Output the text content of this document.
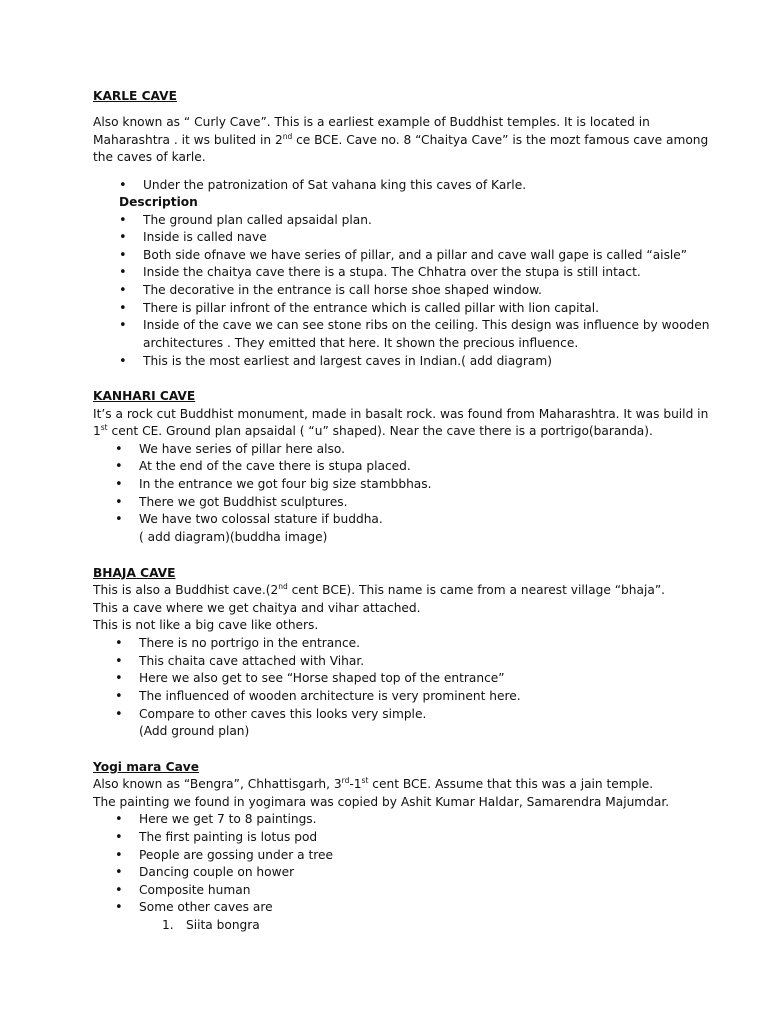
KARLE CAVE
Also known as “ Curly Cave”. This is a earliest example of Buddhist temples. It is located in
Maharashtra . it ws bulited in 2nd ce BCE. Cave no. 8 “Chaitya Cave” is the mozt famous cave among
the caves of karle.
• Under the patronization of Sat vahana king this caves of Karle.
Description
• The ground plan called apsaidal plan.
• Inside is called nave
• Both side ofnave we have series of pillar, and a pillar and cave wall gape is called “aisle”
• Inside the chaitya cave there is a stupa. The Chhatra over the stupa is still intact.
• The decorative in the entrance is call horse shoe shaped window.
• There is pillar infront of the entrance which is called pillar with lion capital.
• Inside of the cave we can see stone ribs on the ceiling. This design was influence by wooden
architectures . They emitted that here. It shown the precious influence.
• This is the most earliest and largest caves in Indian.( add diagram)
KANHARI CAVE
It’s a rock cut Buddhist monument, made in basalt rock. was found from Maharashtra. It was build in
1st cent CE. Ground plan apsaidal ( “u” shaped). Near the cave there is a portrigo(baranda).
• We have series of pillar here also.
• At the end of the cave there is stupa placed.
• In the entrance we got four big size stambbhas.
• There we got Buddhist sculptures.
• We have two colossal stature if buddha.
( add diagram)(buddha image)
BHAJA CAVE
This is also a Buddhist cave.(2nd cent BCE). This name is came from a nearest village “bhaja”.
This a cave where we get chaitya and vihar attached.
This is not like a big cave like others.
• There is no portrigo in the entrance.
• This chaita cave attached with Vihar.
• Here we also get to see “Horse shaped top of the entrance”
• The influenced of wooden architecture is very prominent here.
• Compare to other caves this looks very simple.
(Add ground plan)
Yogi mara Cave
Also known as “Bengra”, Chhattisgarh, 3rd-1st cent BCE. Assume that this was a jain temple.
The painting we found in yogimara was copied by Ashit Kumar Haldar, Samarendra Majumdar.
• Here we get 7 to 8 paintings.
• The first painting is lotus pod
• People are gossing under a tree
• Dancing couple on hower
• Composite human
• Some other caves are
1. Siita bongra
